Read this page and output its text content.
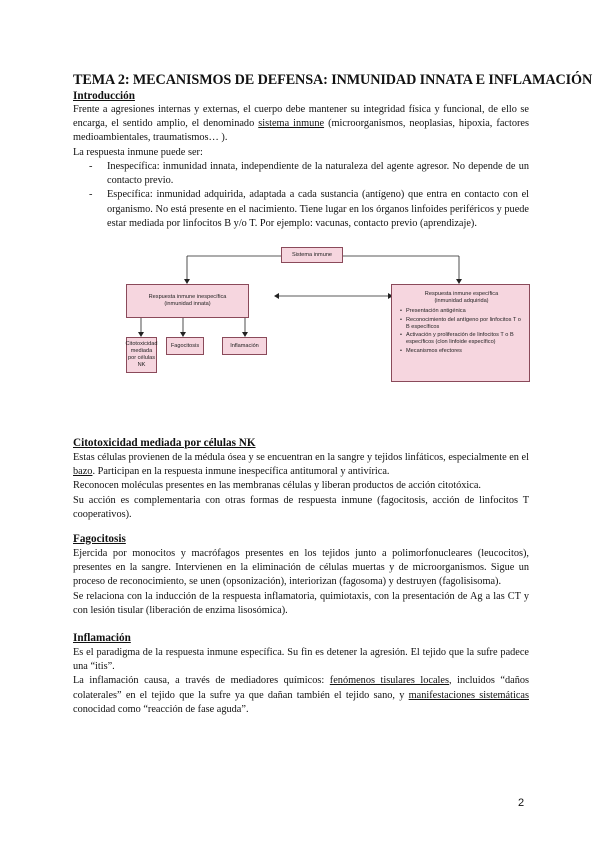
TEMA 2: MECANISMOS DE DEFENSA: INMUNIDAD INNATA E INFLAMACIÓN
Introducción

Frente a agresiones internas y externas, el cuerpo debe mantener su integridad física y funcional, de ello se encarga, el sentido amplio, el denominado sistema inmune (microorganismos, neoplasias, hipoxia, factores medioambientales, traumatismos… ).

La respuesta inmune puede ser:

- Inespecífica: inmunidad innata, independiente de la naturaleza del agente agresor. No depende de un contacto previo.
- Específica: inmunidad adquirida, adaptada a cada sustancia (antígeno) que entra en contacto con el organismo. No está presente en el nacimiento. Tiene lugar en los órganos linfoides periféricos y puede estar mediada por linfocitos B y/o T. Por ejemplo: vacunas, contacto previo (aprendizaje).
Sistema inmune
Respuesta inmune inespecífica
(inmunidad innata)
Respuesta inmune específica
(inmunidad adquirida)
• Presentación antigénica
• Reconocimiento del antígeno por linfocitos T o B específicos
• Activación y proliferación de linfocitos T o B específicos (clon linfoide específico)
• Mecanismos efectores
Citotoxicidad
mediada
por células NK
Fagocitosis	Inflamación
Citotoxicidad mediada por células NK

Estas células provienen de la médula ósea y se encuentran en la sangre y tejidos linfáticos, especialmente en el bazo. Participan en la respuesta inmune inespecífica antitumoral y antivírica.

Reconocen moléculas presentes en las membranas células y liberan productos de acción citotóxica.

Su acción es complementaria con otras formas de respuesta inmune (fagocitosis, acción de linfocitos T cooperativos).

Fagocitosis

Ejercida por monocitos y macrófagos presentes en los tejidos junto a polimorfonucleares (leucocitos), presentes en la sangre. Intervienen en la eliminación de células muertas y de microorganismos. Sigue un proceso de reconocimiento, se unen (opsonización), interiorizan (fagosoma) y destruyen (fagolisisoma).

Se relaciona con la inducción de la respuesta inflamatoria, quimiotaxis, con la presentación de Ag a las CT y con lesión tisular (liberación de enzima lisosómica).

Inflamación

Es el paradigma de la respuesta inmune específica. Su fin es detener la agresión. El tejido que la sufre padece una “itis”.

La inflamación causa, a través de mediadores químicos: fenómenos tisulares locales, incluidos “daños colaterales” en el tejido que la sufre ya que dañan también el tejido sano, y manifestaciones sistemáticas conocidad como “reacción de fase aguda”.

2
